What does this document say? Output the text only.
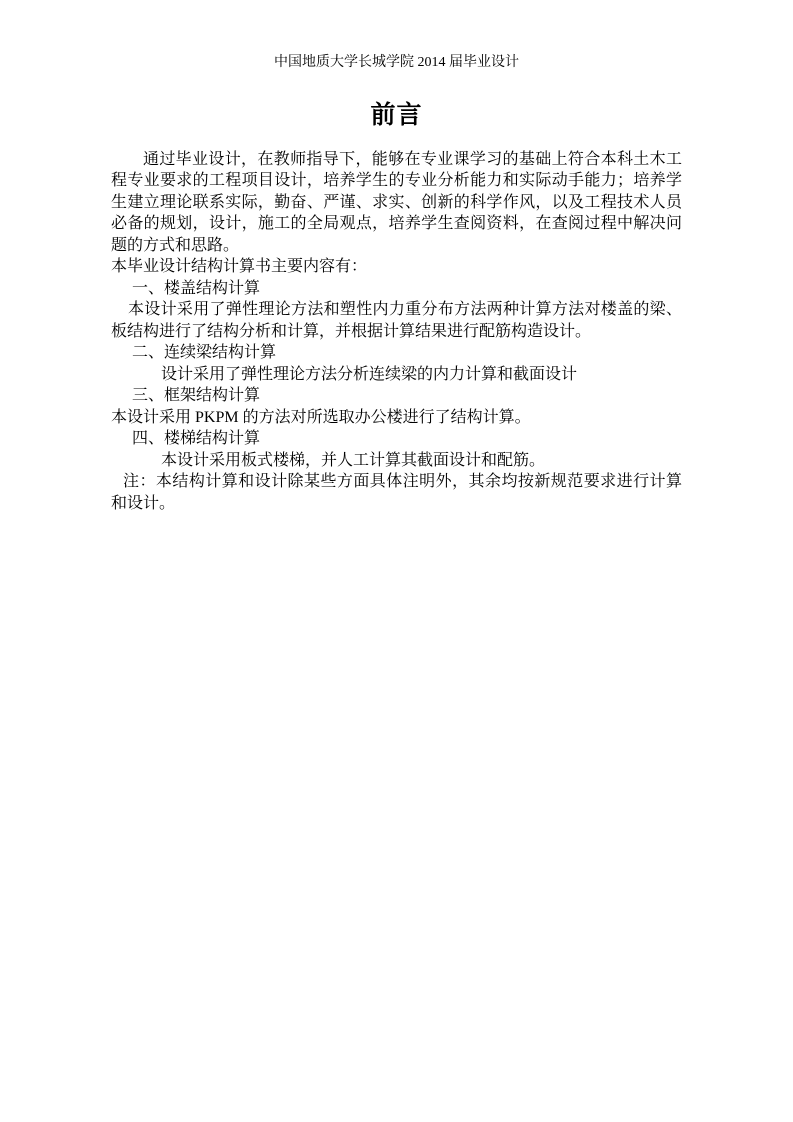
中国地质大学长城学院 2014 届毕业设计
前言

通过毕业设计，在教师指导下，能够在专业课学习的基础上符合本科土木工程专业要求的工程项目设计，培养学生的专业分析能力和实际动手能力；培养学生建立理论联系实际，勤奋、严谨、求实、创新的科学作风，以及工程技术人员必备的规划，设计，施工的全局观点，培养学生查阅资料，在查阅过程中解决问题的方式和思路。

本毕业设计结构计算书主要内容有：

一、楼盖结构计算

本设计采用了弹性理论方法和塑性内力重分布方法两种计算方法对楼盖的梁、板结构进行了结构分析和计算，并根据计算结果进行配筋构造设计。

二、连续梁结构计算

设计采用了弹性理论方法分析连续梁的内力计算和截面设计

三、框架结构计算

本设计采用 PKPM 的方法对所选取办公楼进行了结构计算。

四、楼梯结构计算

本设计采用板式楼梯，并人工计算其截面设计和配筋。

注：本结构计算和设计除某些方面具体注明外，其余均按新规范要求进行计算和设计。
